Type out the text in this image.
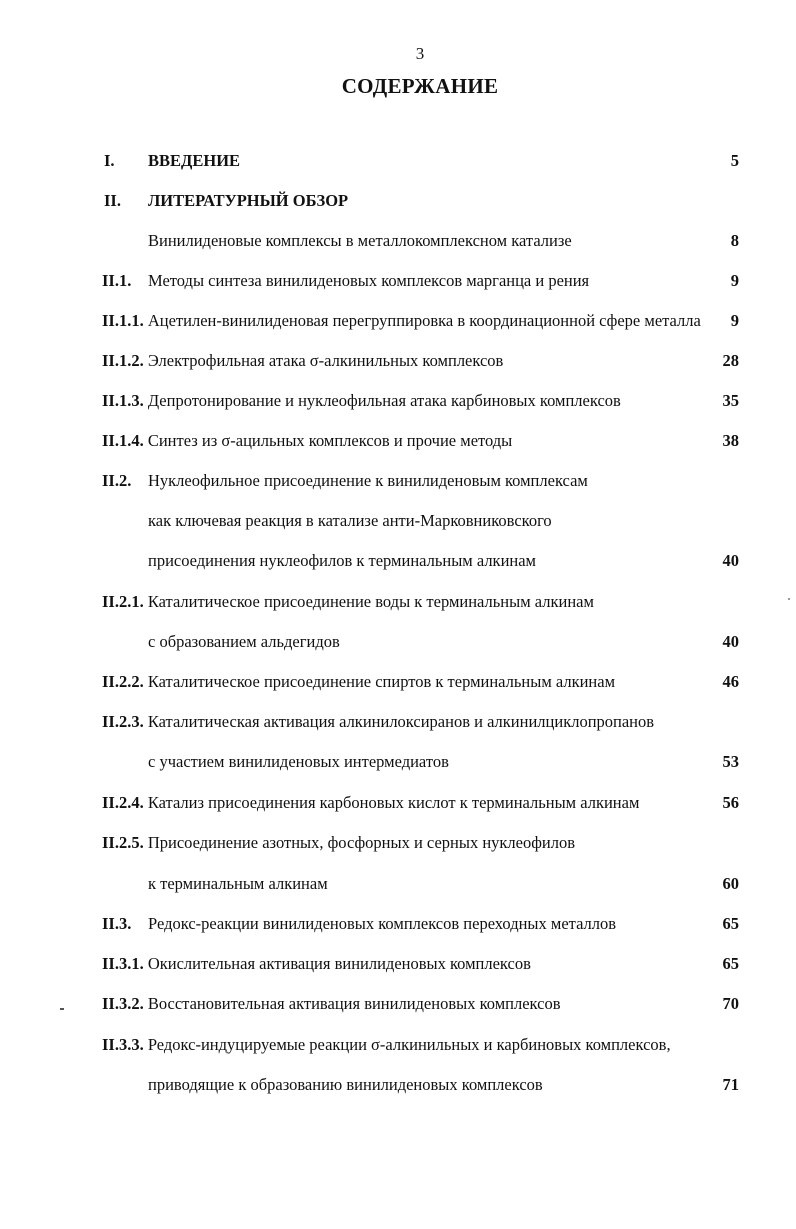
3
СОДЕРЖАНИЕ
I. ВВЕДЕНИЕ	5
II. ЛИТЕРАТУРНЫЙ ОБЗОР
Винилиденовые комплексы в металлокомплексном катализе	8
II.1. Методы синтеза винилиденовых комплексов марганца и рения	9
II.1.1. Ацетилен-винилиденовая перегруппировка в координационной сфере металла 9
II.1.2. Электрофильная атака σ-алкинильных комплексов	28
II.1.3. Депротонирование и нуклеофильная атака карбиновых комплексов	35
II.1.4. Синтез из σ-ацильных комплексов и прочие методы	38
II.2. Нуклеофильное присоединение к винилиденовым комплексам
как ключевая реакция в катализе анти-Марковниковского
присоединения нуклеофилов к терминальным алкинам	40
II.2.1. Каталитическое присоединение воды к терминальным алкинам
с образованием альдегидов	40
II.2.2. Каталитическое присоединение спиртов к терминальным алкинам	46
II.2.3. Каталитическая активация алкинилоксиранов и алкинилциклопропанов
с участием винилиденовых интермедиатов	53
II.2.4. Катализ присоединения карбоновых кислот к терминальным алкинам	56
II.2.5. Присоединение азотных, фосфорных и серных нуклеофилов
к терминальным алкинам	60
II.3. Редокс-реакции винилиденовых комплексов переходных металлов	65
II.3.1. Окислительная активация винилиденовых комплексов	65
II.3.2. Восстановительная активация винилиденовых комплексов	70
II.3.3. Редокс-индуцируемые реакции σ-алкинильных и карбиновых комплексов,
приводящие к образованию винилиденовых комплексов	71
